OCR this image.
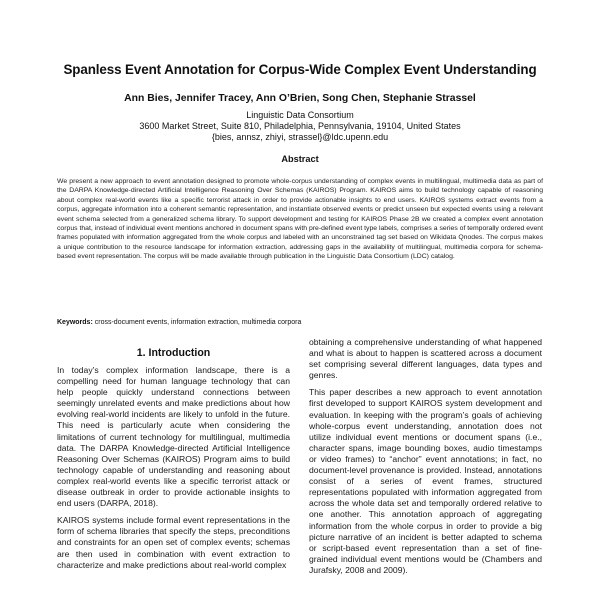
Spanless Event Annotation for Corpus-Wide Complex Event Understanding
Ann Bies, Jennifer Tracey, Ann O’Brien, Song Chen, Stephanie Strassel
Linguistic Data Consortium
3600 Market Street, Suite 810, Philadelphia, Pennsylvania, 19104, United States
{bies, annsz, zhiyi, strassel}@ldc.upenn.edu
Abstract
We present a new approach to event annotation designed to promote whole-corpus understanding of complex events in multilingual, multimedia data as part of the DARPA Knowledge-directed Artificial Intelligence Reasoning Over Schemas (KAIROS) Program. KAIROS aims to build technology capable of reasoning about complex real-world events like a specific terrorist attack in order to provide actionable insights to end users. KAIROS systems extract events from a corpus, aggregate information into a coherent semantic representation, and instantiate observed events or predict unseen but expected events using a relevant event schema selected from a generalized schema library. To support development and testing for KAIROS Phase 2B we created a complex event annotation corpus that, instead of individual event mentions anchored in document spans with pre-defined event type labels, comprises a series of temporally ordered event frames populated with information aggregated from the whole corpus and labeled with an unconstrained tag set based on Wikidata Qnodes. The corpus makes a unique contribution to the resource landscape for information extraction, addressing gaps in the availability of multilingual, multimedia corpora for schema-based event representation. The corpus will be made available through publication in the Linguistic Data Consortium (LDC) catalog.
Keywords: cross-document events, information extraction, multimedia corpora
1. Introduction

In today’s complex information landscape, there is a compelling need for human language technology that can help people quickly understand connections between seemingly unrelated events and make predictions about how evolving real-world incidents are likely to unfold in the future. This need is particularly acute when considering the limitations of current technology for multilingual, multimedia data. The DARPA Knowledge-directed Artificial Intelligence Reasoning Over Schemas (KAIROS) Program aims to build technology capable of understanding and reasoning about complex real-world events like a specific terrorist attack or disease outbreak in order to provide actionable insights to end users (DARPA, 2018).

KAIROS systems include formal event representations in the form of schema libraries that specify the steps, preconditions and constraints for an open set of complex events; schemas are then used in combination with event extraction to characterize and make predictions about real-world complex

obtaining a comprehensive understanding of what happened and what is about to happen is scattered across a document set comprising several different languages, data types and genres.

This paper describes a new approach to event annotation first developed to support KAIROS system development and evaluation. In keeping with the program’s goals of achieving whole-corpus event understanding, annotation does not utilize individual event mentions or document spans (i.e., character spans, image bounding boxes, audio timestamps or video frames) to “anchor” event annotations; in fact, no document-level provenance is provided. Instead, annotations consist of a series of event frames, structured representations populated with information aggregated from across the whole data set and temporally ordered relative to one another. This annotation approach of aggregating information from the whole corpus in order to provide a big picture narrative of an incident is better adapted to schema or script-based event representation than a set of fine-grained individual event mentions would be (Chambers and Jurafsky, 2008 and 2009).
